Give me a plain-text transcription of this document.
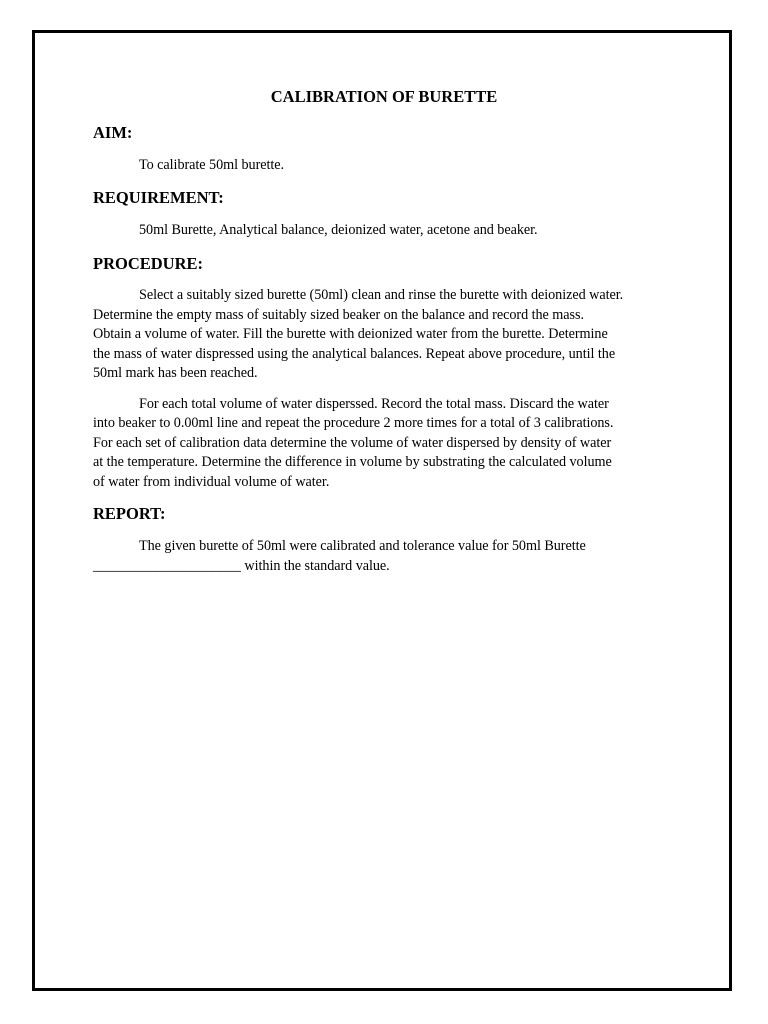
CALIBRATION OF BURETTE
AIM:

To calibrate 50ml burette.

REQUIREMENT:

50ml Burette, Analytical balance, deionized water, acetone and beaker.

PROCEDURE:
Select a suitably sized burette (50ml) clean and rinse the burette with deionized water.
Determine the empty mass of suitably sized beaker on the balance and record the mass.
Obtain a volume of water. Fill the burette with deionized water from the burette. Determine
the mass of water dispressed using the analytical balances. Repeat above procedure, until the
50ml mark has been reached.
For each total volume of water disperssed. Record the total mass. Discard the water
into beaker to 0.00ml line and repeat the procedure 2 more times for a total of 3 calibrations.
For each set of calibration data determine the volume of water dispersed by density of water
at the temperature. Determine the difference in volume by substrating the calculated volume
of water from individual volume of water.
REPORT:
The given burette of 50ml were calibrated and tolerance value for 50ml Burette
_____________________ within the standard value.
